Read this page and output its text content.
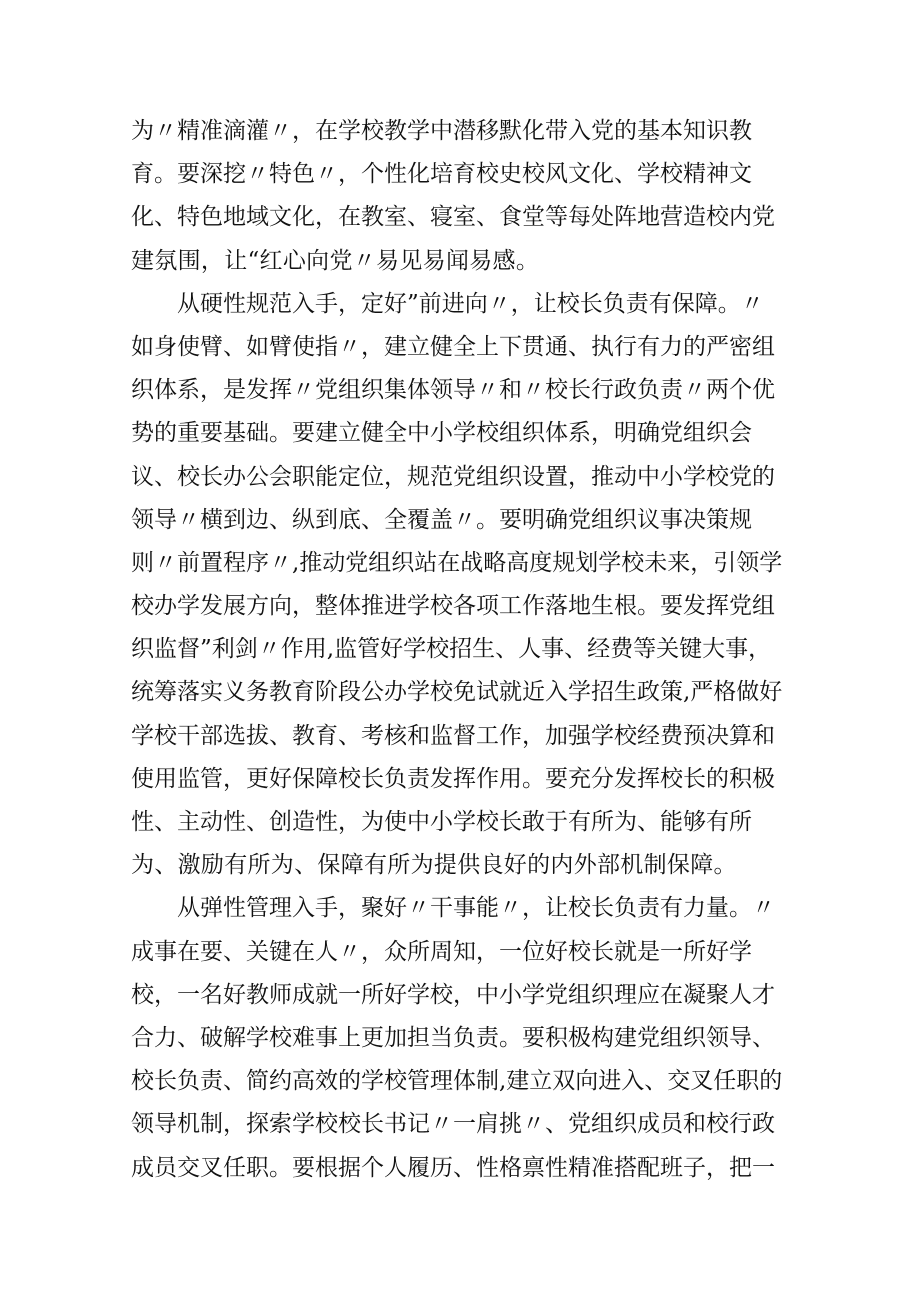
为〃精准滴灌〃，在学校教学中潜移默化带入党的基本知识教
育。要深挖〃特色〃，个性化培育校史校风文化、学校精神文
化、特色地域文化，在教室、寝室、食堂等每处阵地营造校内党
建氛围，让“红心向党〃易见易闻易感。
从硬性规范入手，定好”前进向〃，让校长负责有保障。〃
如身使臂、如臂使指〃，建立健全上下贯通、执行有力的严密组
织体系，是发挥〃党组织集体领导〃和〃校长行政负责〃两个优
势的重要基础。要建立健全中小学校组织体系，明确党组织会
议、校长办公会职能定位，规范党组织设置，推动中小学校党的
领导〃横到边、纵到底、全覆盖〃。要明确党组织议事决策规
则〃前置程序〃,推动党组织站在战略高度规划学校未来，引领学
校办学发展方向，整体推进学校各项工作落地生根。要发挥党组
织监督”利剑〃作用,监管好学校招生、人事、经费等关键大事，
统筹落实义务教育阶段公办学校免试就近入学招生政策,严格做好
学校干部选拔、教育、考核和监督工作，加强学校经费预决算和
使用监管，更好保障校长负责发挥作用。要充分发挥校长的积极
性、主动性、创造性，为使中小学校长敢于有所为、能够有所
为、激励有所为、保障有所为提供良好的内外部机制保障。
从弹性管理入手，聚好〃干事能〃，让校长负责有力量。〃
成事在要、关键在人〃，众所周知，一位好校长就是一所好学
校，一名好教师成就一所好学校，中小学党组织理应在凝聚人才
合力、破解学校难事上更加担当负责。要积极构建党组织领导、
校长负责、简约高效的学校管理体制,建立双向进入、交叉任职的
领导机制，探索学校校长书记〃一肩挑〃、党组织成员和校行政
成员交叉任职。要根据个人履历、性格禀性精准搭配班子，把一
